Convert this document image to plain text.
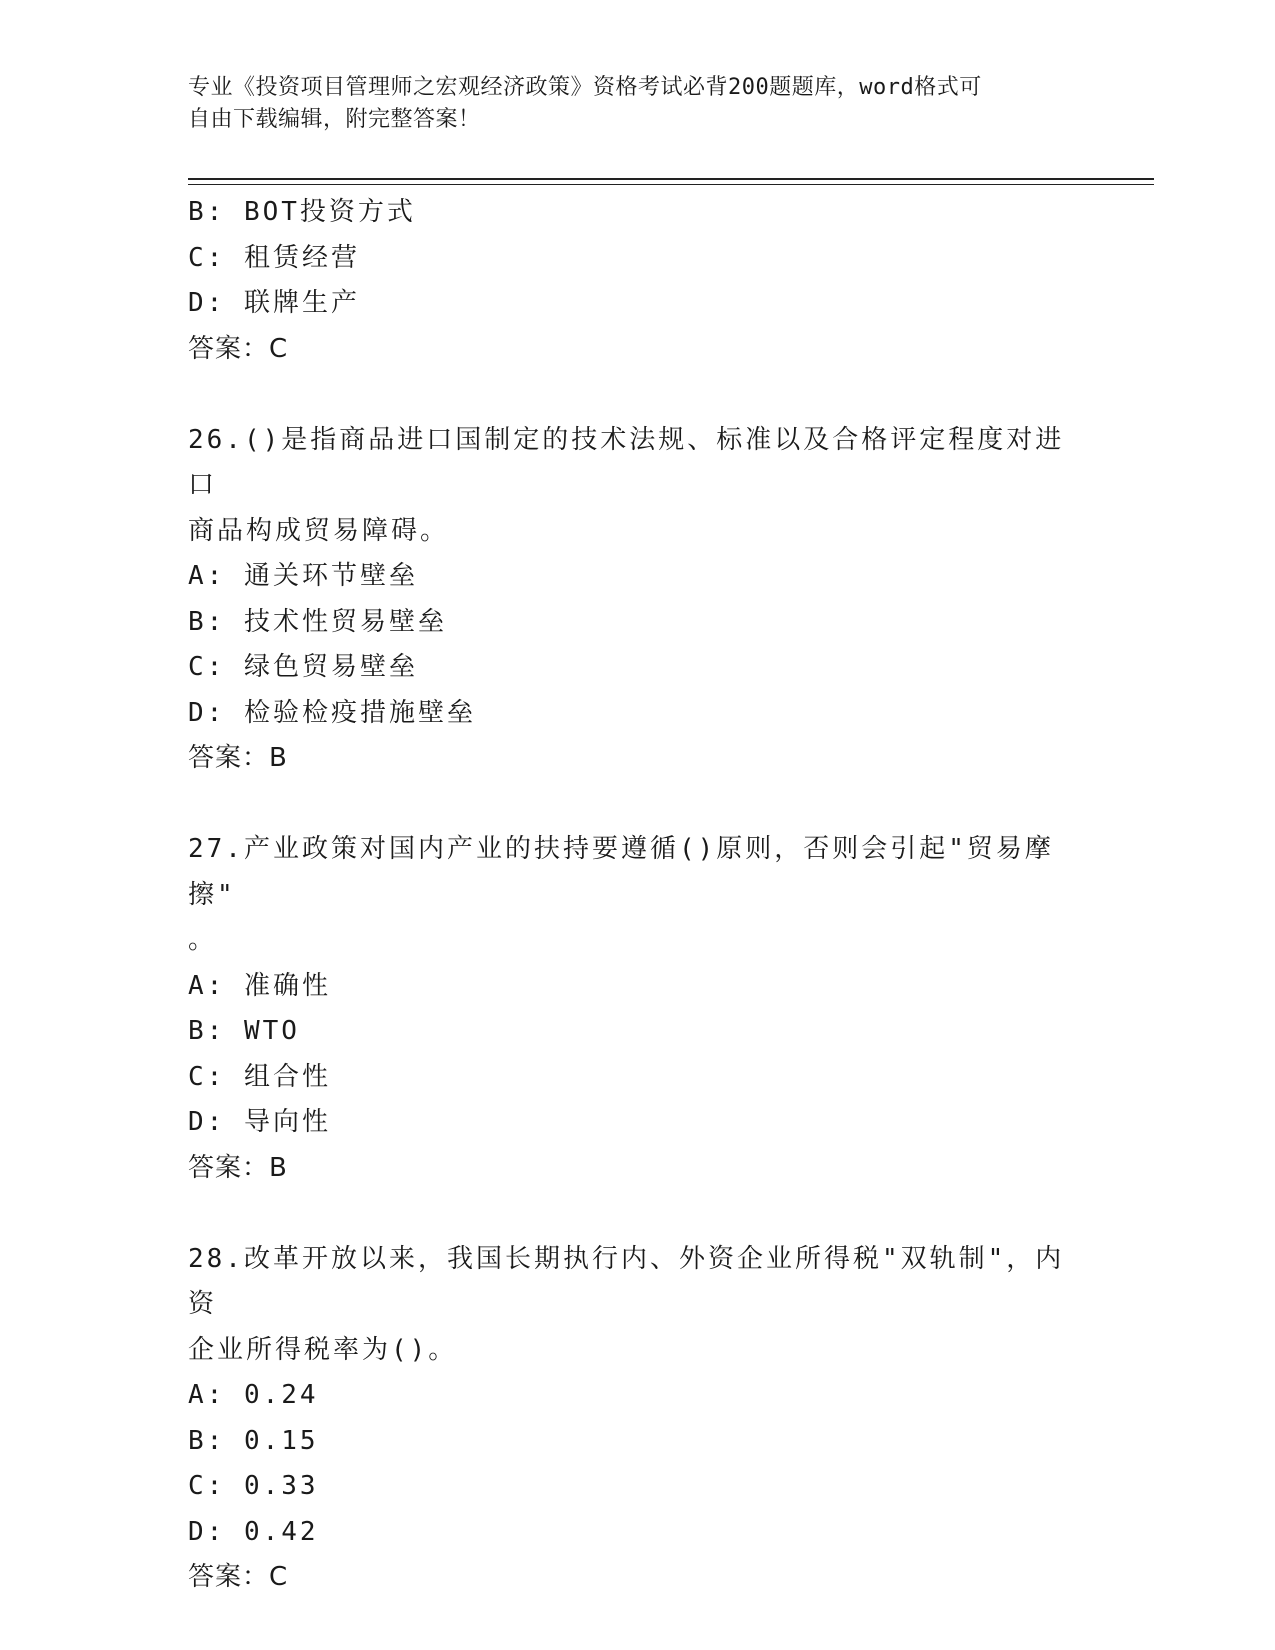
专业《投资项目管理师之宏观经济政策》资格考试必背200题题库，word格式可
自由下载编辑，附完整答案！
B: BOT投资方式
C: 租赁经营
D: 联牌生产
答案：C
26.()是指商品进口国制定的技术法规、标准以及合格评定程度对进口
商品构成贸易障碍。
A: 通关环节壁垒
B: 技术性贸易壁垒
C: 绿色贸易壁垒
D: 检验检疫措施壁垒
答案：B
27.产业政策对国内产业的扶持要遵循()原则，否则会引起"贸易摩擦"
。
A: 准确性
B: WTO
C: 组合性
D: 导向性
答案：B
28.改革开放以来，我国长期执行内、外资企业所得税"双轨制"，内资
企业所得税率为()。
A: 0.24
B: 0.15
C: 0.33
D: 0.42
答案：C
